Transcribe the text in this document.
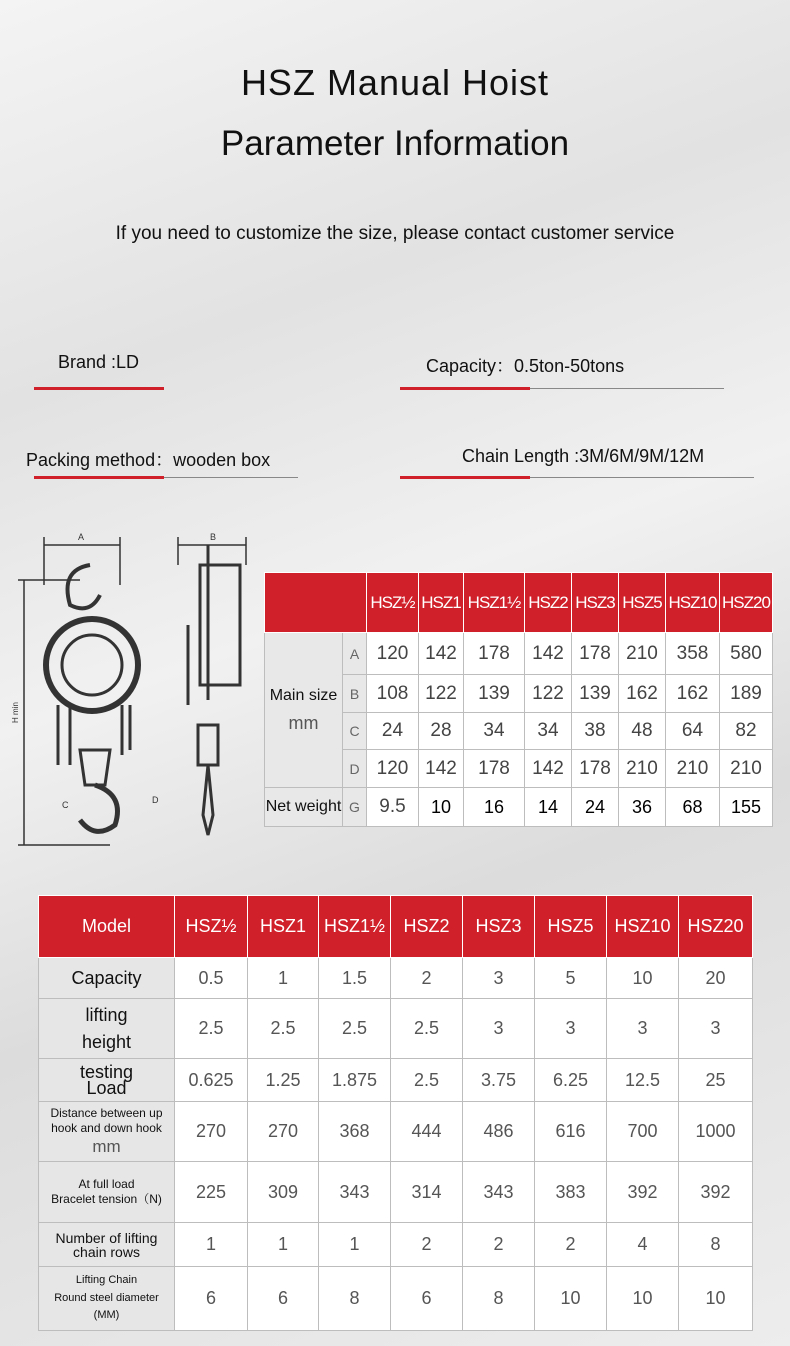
HSZ Manual Hoist
Parameter Information
If you need to customize the size, please contact customer service
Brand :LD	Capacity：0.5ton-50tons
Packing method：wooden box	Chain Length :3M/6M/9M/12M
A
H min
C	D
B
		HSZ½	HSZ1	HSZ1½	HSZ2	HSZ3	HSZ5	HSZ10	HSZ20

Main size
mm	A	120	142	178	142	178	210	358	580
	B	108	122	139	122	139	162	162	189
	C	24	28	34	34	38	48	64	82
	D	120	142	178	142	178	210	210	210
Net weight	G	9.5	10	16	14	24	36	68	155
Model	HSZ½	HSZ1	HSZ1½	HSZ2	HSZ3	HSZ5	HSZ10	HSZ20

Capacity	0.5	1	1.5	2	3	5	10	20

lifting
height	2.5	2.5	2.5	2.5	3	3	3	3

testing
Load	0.625	1.25	1.875	2.5	3.75	6.25	12.5	25

Distance between up
hook and down hook
mm	270	270	368	444	486	616	700	1000

At full load
Bracelet tension（N)	225	309	343	314	343	383	392	392

Number of lifting
chain rows	1	1	1	2	2	2	4	8

Lifting Chain
Round steel diameter
(MM)	6	6	8	6	8	10	10	10
